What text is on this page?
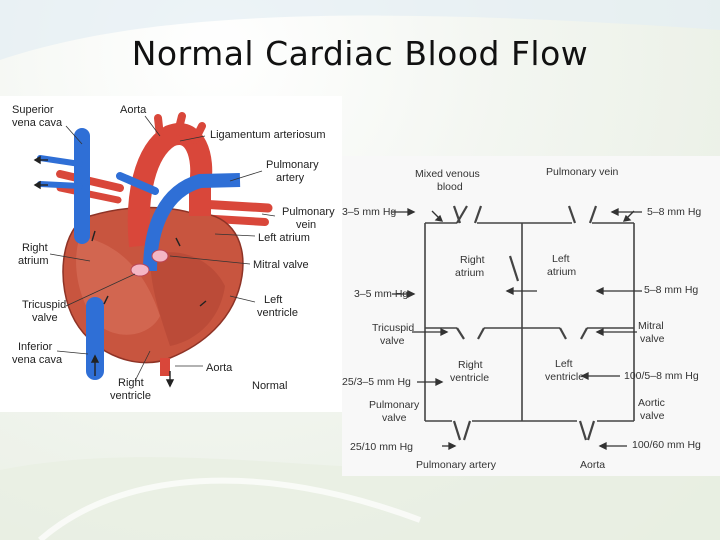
Normal Cardiac Blood Flow
Superior
vena cava
Aorta
Ligamentum arteriosum
Pulmonary
artery
Pulmonary
vein
Left atrium
Right
atrium	Mitral valve
Tricuspid
valve
Left
ventricle
Inferior
vena cava
Right
ventricle
Aorta
Normal
Mixed venous
blood
Pulmonary vein
3–5 mm Hg	5–8 mm Hg
Right
atrium
Left
atrium
3–5 mm Hg	5–8 mm Hg
Tricuspid
valve
Mitral
valve
Right
ventricle
Left
ventricle
25/3–5 mm Hg	100/5–8 mm Hg
Pulmonary
valve
Aortic
valve
25/10 mm Hg	100/60 mm Hg
Pulmonary artery	Aorta
